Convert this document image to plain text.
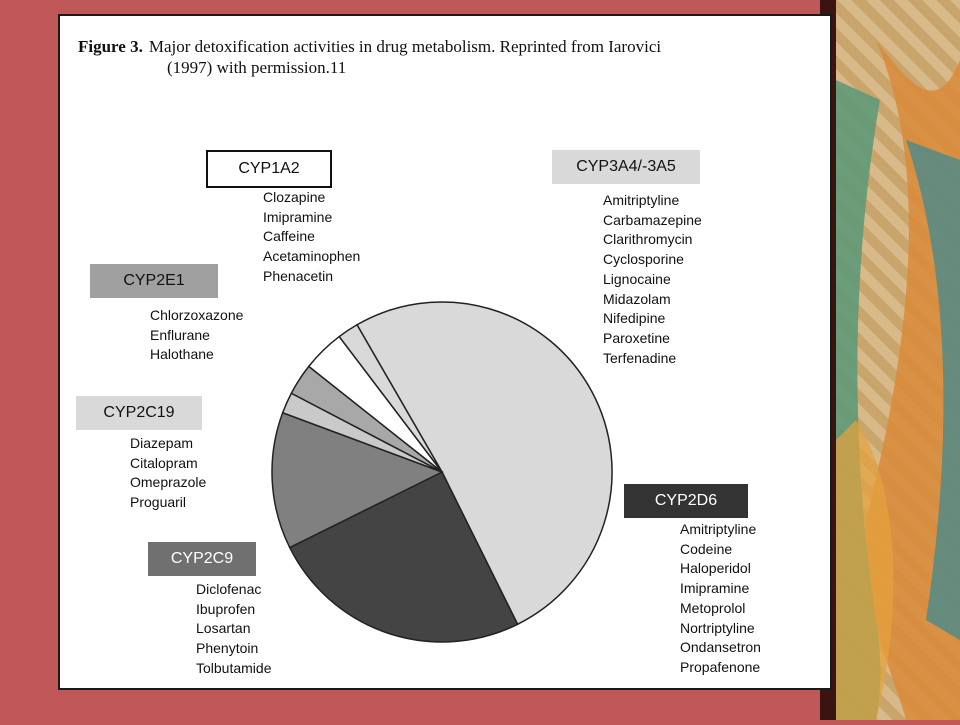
Figure 3. Major detoxification activities in drug metabolism. Reprinted from Iarovici
(1997) with permission.11
CYP1A2
Clozapine
Imipramine
Caffeine
Acetaminophen
Phenacetin
CYP2E1
Chlorzoxazone
Enflurane
Halothane
CYP2C19
Diazepam
Citalopram
Omeprazole
Proguaril
CYP2C9
Diclofenac
Ibuprofen
Losartan
Phenytoin
Tolbutamide
CYP3A4/-3A5
Amitriptyline
Carbamazepine
Clarithromycin
Cyclosporine
Lignocaine
Midazolam
Nifedipine
Paroxetine
Terfenadine
CYP2D6
Amitriptyline
Codeine
Haloperidol
Imipramine
Metoprolol
Nortriptyline
Ondansetron
Propafenone
